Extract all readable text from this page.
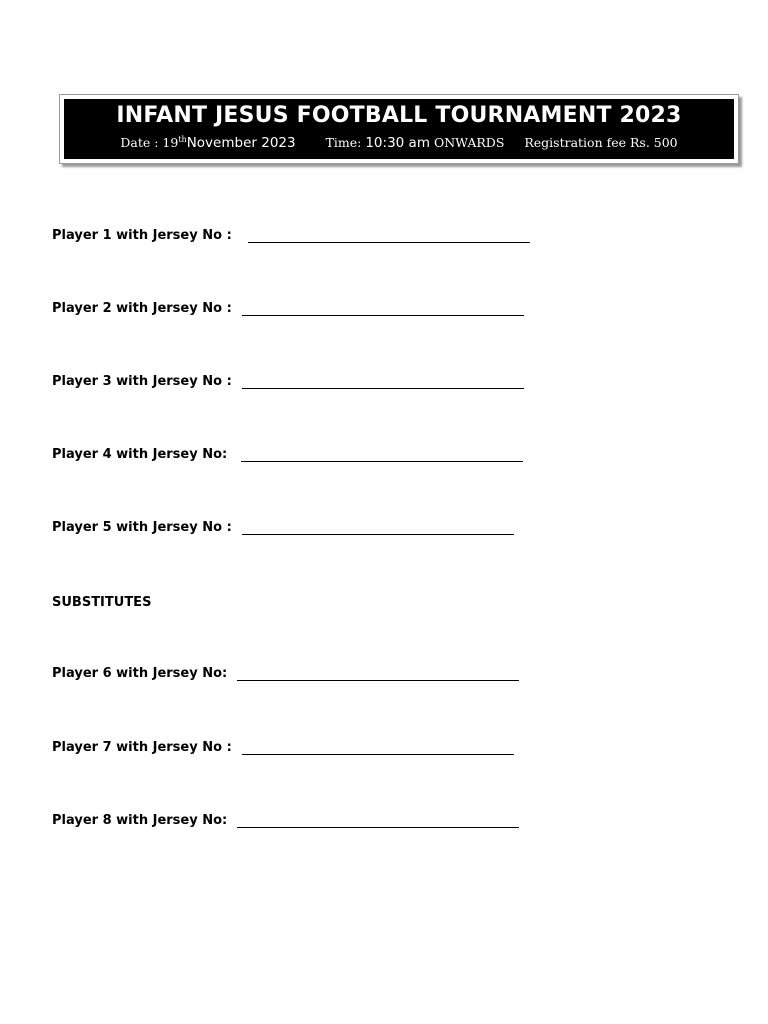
INFANT JESUS FOOTBALL TOURNAMENT 2023
Date : 19thNovember 2023 Time: 10:30 am ONWARDS Registration fee Rs. 500
Player 1 with Jersey No :
Player 2 with Jersey No :
Player 3 with Jersey No :
Player 4 with Jersey No:
Player 5 with Jersey No :
SUBSTITUTES
Player 6 with Jersey No:
Player 7 with Jersey No :
Player 8 with Jersey No:
